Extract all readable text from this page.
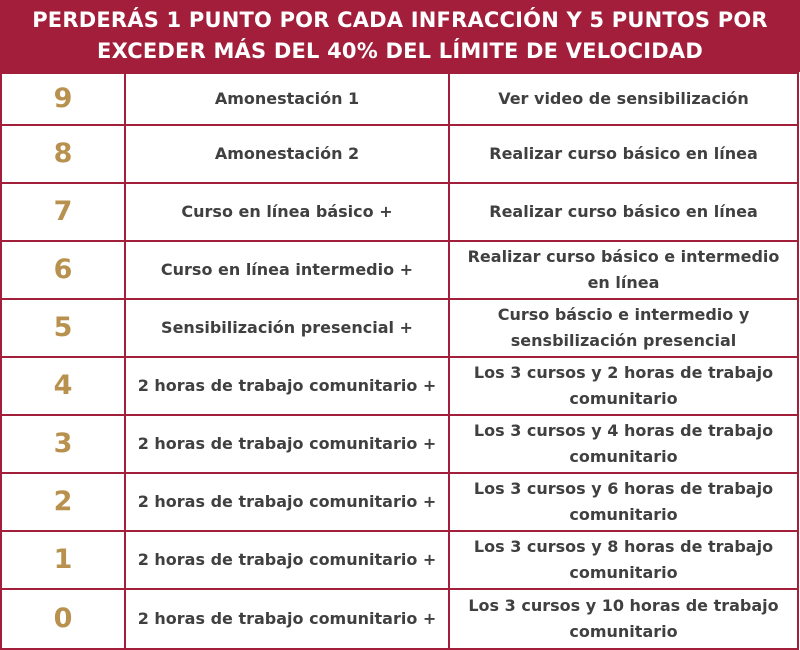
PERDERÁS 1 PUNTO POR CADA INFRACCIÓN Y 5 PUNTOS POR
EXCEDER MÁS DEL 40% DEL LÍMITE DE VELOCIDAD
9	Amonestación 1	Ver video de sensibilización
8	Amonestación 2	Realizar curso básico en línea
7	Curso en línea básico +	Realizar curso básico en línea
6	Curso en línea intermedio +	Realizar curso básico e intermedio en línea
5	Sensibilización presencial +	Curso báscio e intermedio y sensbilización presencial
4	2 horas de trabajo comunitario +	Los 3 cursos y 2 horas de trabajo comunitario
3	2 horas de trabajo comunitario +	Los 3 cursos y 4 horas de trabajo comunitario
2	2 horas de trabajo comunitario +	Los 3 cursos y 6 horas de trabajo comunitario
1	2 horas de trabajo comunitario +	Los 3 cursos y 8 horas de trabajo comunitario
0	2 horas de trabajo comunitario +	Los 3 cursos y 10 horas de trabajo comunitario
